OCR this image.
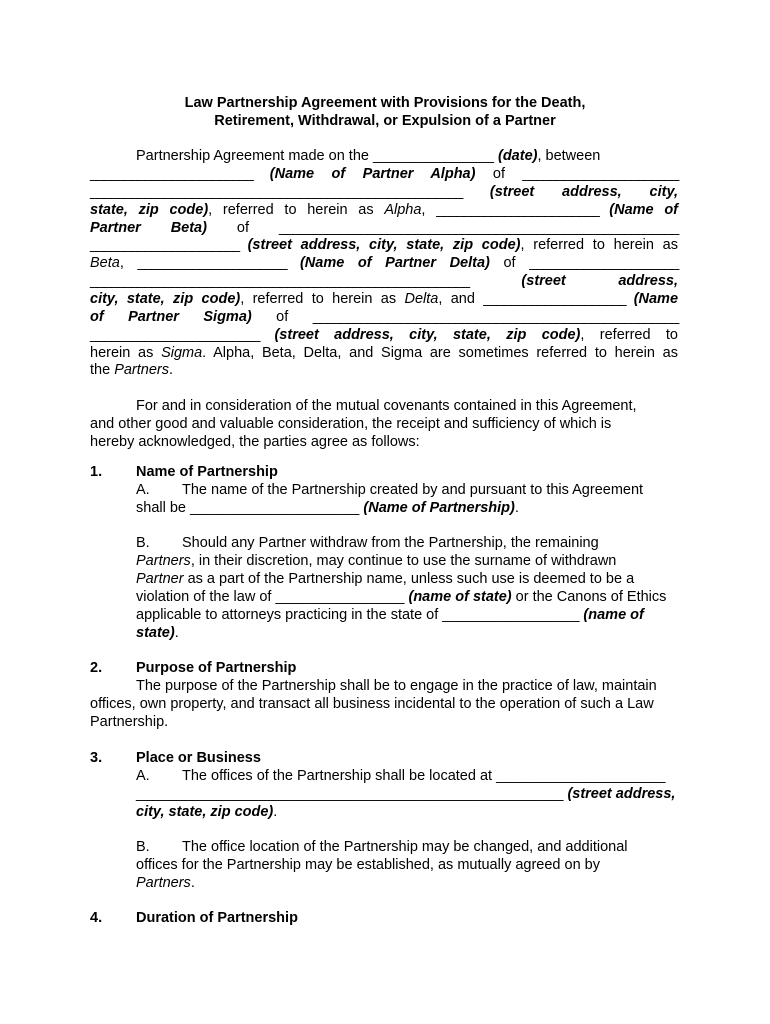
Law Partnership Agreement with Provisions for the Death,
Retirement, Withdrawal, or Expulsion of a Partner
Partnership Agreement made on the _______________ (date), between
________________________ (Name of Partner Alpha) of _______________________
_______________________________________________________ (street address, city,
state, zip code), referred to herein as Alpha, ________________________ (Name of
Partner Beta) of ___________________________________________________________
______________________ (street address, city, state, zip code), referred to herein as
Beta, ______________________ (Name of Partner Delta) of ______________________
________________________________________________________	(street address,
city, state, zip code), referred to herein as Delta, and _____________________ (Name
of Partner Sigma) of ______________________________________________________
_________________________ (street address, city, state, zip code), referred to
herein as Sigma. Alpha, Beta, Delta, and Sigma are sometimes referred to herein as
the Partners.
For and in consideration of the mutual covenants contained in this Agreement,
and other good and valuable consideration, the receipt and sufficiency of which is
hereby acknowledged, the parties agree as follows:
1. Name of Partnership
A. The name of the Partnership created by and pursuant to this Agreement
shall be _____________________ (Name of Partnership).
B. Should any Partner withdraw from the Partnership, the remaining
Partners, in their discretion, may continue to use the surname of withdrawn
Partner as a part of the Partnership name, unless such use is deemed to be a
violation of the law of ________________ (name of state) or the Canons of Ethics
applicable to attorneys practicing in the state of _________________ (name of
state).
2. Purpose of Partnership
The purpose of the Partnership shall be to engage in the practice of law, maintain
offices, own property, and transact all business incidental to the operation of such a Law
Partnership.
3. Place or Business
A. The offices of the Partnership shall be located at _____________________
_____________________________________________________ (street address,
city, state, zip code).
B. The office location of the Partnership may be changed, and additional
offices for the Partnership may be established, as mutually agreed on by
Partners.
4. Duration of Partnership
